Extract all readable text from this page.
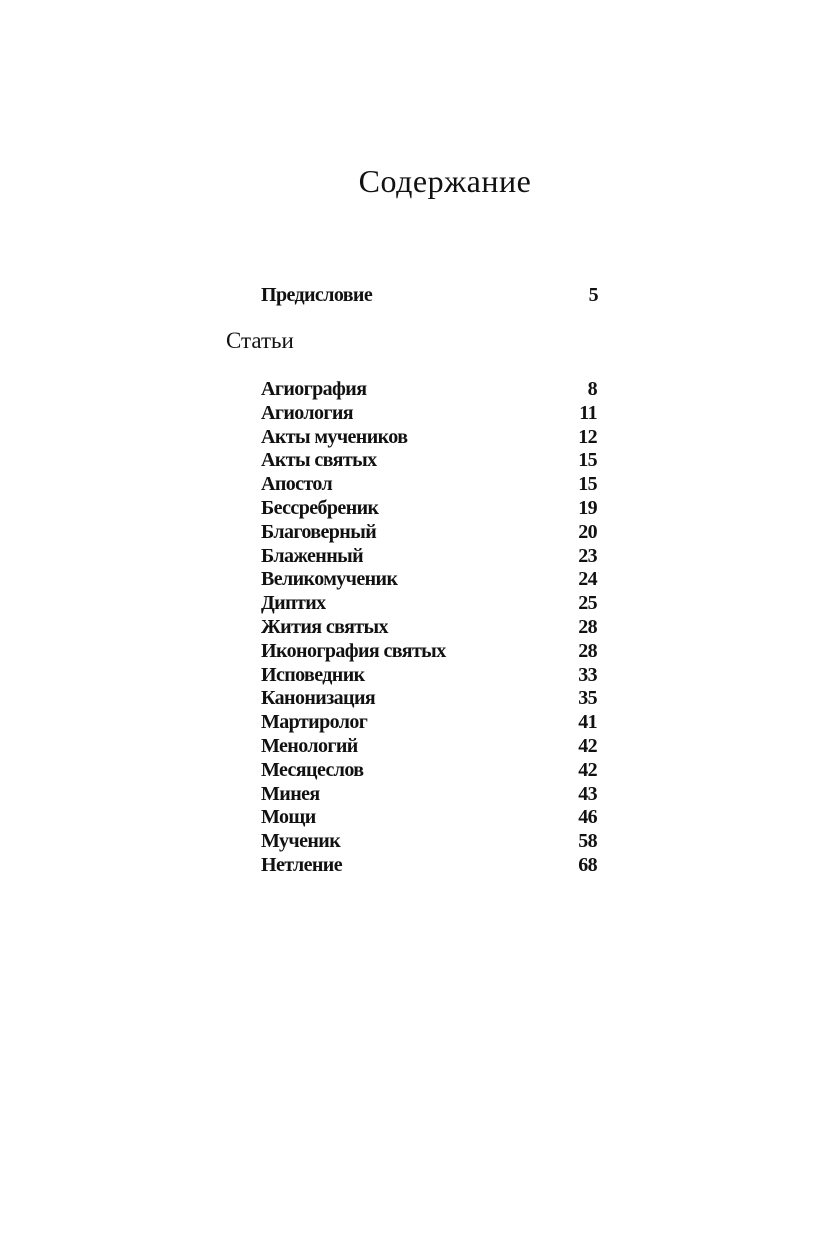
Содержание
Предисловие	5
Статьи
Агиография	8
Агиология	11
Акты мучеников	12
Акты святых	15
Апостол	15
Бессребреник	19
Благоверный	20
Блаженный	23
Великомученик	24
Диптих	25
Жития святых	28
Иконография святых	28
Исповедник	33
Канонизация	35
Мартиролог	41
Менологий	42
Месяцеслов	42
Минея	43
Мощи	46
Мученик	58
Нетление	68
